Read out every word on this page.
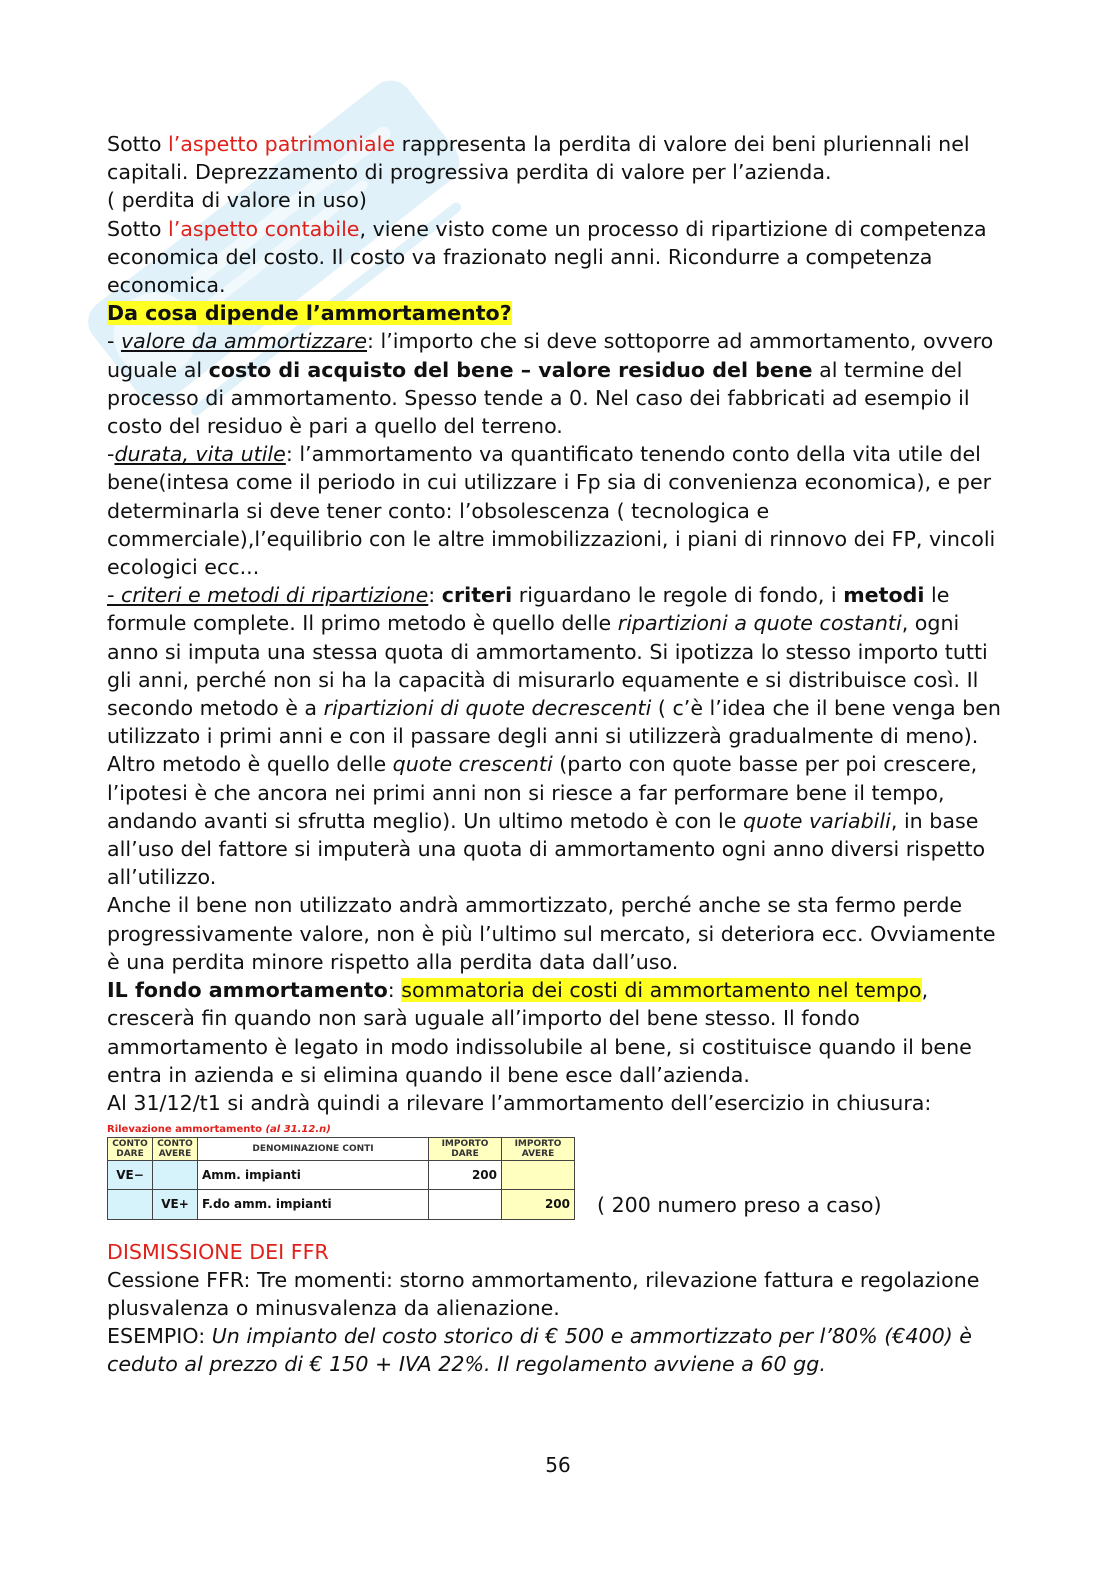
Sotto l’aspetto patrimoniale rappresenta la perdita di valore dei beni pluriennali nel capitali. Deprezzamento di progressiva perdita di valore per l’azienda.

( perdita di valore in uso)

Sotto l’aspetto contabile, viene visto come un processo di ripartizione di competenza economica del costo. Il costo va frazionato negli anni. Ricondurre a competenza economica.

Da cosa dipende l’ammortamento?

- valore da ammortizzare: l’importo che si deve sottoporre ad ammortamento, ovvero uguale al costo di acquisto del bene – valore residuo del bene al termine del processo di ammortamento. Spesso tende a 0. Nel caso dei fabbricati ad esempio il costo del residuo è pari a quello del terreno.

-durata, vita utile: l’ammortamento va quantificato tenendo conto della vita utile del bene(intesa come il periodo in cui utilizzare i Fp sia di convenienza economica), e per determinarla si deve tener conto: l’obsolescenza ( tecnologica e commerciale),l’equilibrio con le altre immobilizzazioni, i piani di rinnovo dei FP, vincoli ecologici ecc...

- criteri e metodi di ripartizione: criteri riguardano le regole di fondo, i metodi le formule complete. Il primo metodo è quello delle ripartizioni a quote costanti, ogni anno si imputa una stessa quota di ammortamento. Si ipotizza lo stesso importo tutti gli anni, perché non si ha la capacità di misurarlo equamente e si distribuisce così. Il secondo metodo è a ripartizioni di quote decrescenti ( c’è l’idea che il bene venga ben utilizzato i primi anni e con il passare degli anni si utilizzerà gradualmente di meno).

Altro metodo è quello delle quote crescenti (parto con quote basse per poi crescere, l’ipotesi è che ancora nei primi anni non si riesce a far performare bene il tempo, andando avanti si sfrutta meglio). Un ultimo metodo è con le quote variabili, in base all’uso del fattore si imputerà una quota di ammortamento ogni anno diversi rispetto all’utilizzo.

Anche il bene non utilizzato andrà ammortizzato, perché anche se sta fermo perde progressivamente valore, non è più l’ultimo sul mercato, si deteriora ecc. Ovviamente è una perdita minore rispetto alla perdita data dall’uso.

IL fondo ammortamento: sommatoria dei costi di ammortamento nel tempo, crescerà fin quando non sarà uguale all’importo del bene stesso. Il fondo ammortamento è legato in modo indissolubile al bene, si costituisce quando il bene entra in azienda e si elimina quando il bene esce dall’azienda.

Al 31/12/t1 si andrà quindi a rilevare l’ammortamento dell’esercizio in chiusura:

Rilevazione ammortamento (al 31.12.n)
CONTO DARE	CONTO AVERE	DENOMINAZIONE CONTI	IMPORTO DARE	IMPORTO AVERE
VE−		Amm. impianti	200	
	VE+	F.do amm. impianti		200 ( 200 numero preso a caso)

DISMISSIONE DEI FFR

Cessione FFR: Tre momenti: storno ammortamento, rilevazione fattura e regolazione plusvalenza o minusvalenza da alienazione.

ESEMPIO: Un impianto del costo storico di € 500 e ammortizzato per l’80% (€400) è ceduto al prezzo di € 150 + IVA 22%. Il regolamento avviene a 60 gg.

56
